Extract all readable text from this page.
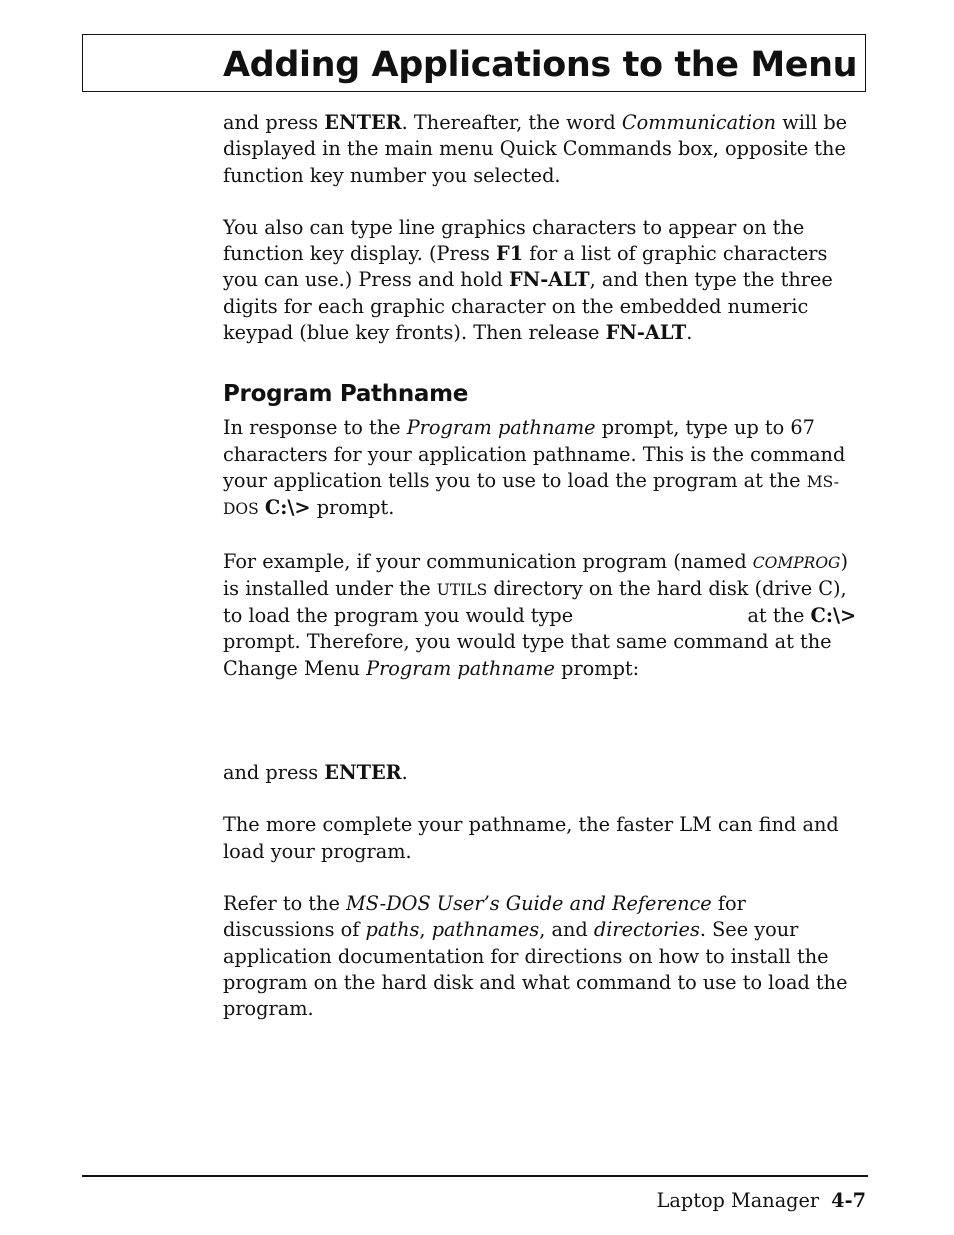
Adding Applications to the Menu

and press ENTER. Thereafter, the word Communication will be displayed in the main menu Quick Commands box, opposite the function key number you selected.

You also can type line graphics characters to appear on the function key display. (Press F1 for a list of graphic characters you can use.) Press and hold FN-ALT, and then type the three digits for each graphic character on the embedded numeric keypad (blue key fronts). Then release FN-ALT.

Program Pathname

In response to the Program pathname prompt, type up to 67 characters for your application pathname. This is the command your application tells you to use to load the program at the MS-DOS C:\> prompt.

For example, if your communication program (named COMPROG) is installed under the UTILS directory on the hard disk (drive C), to load the program you would type	at the C:\> prompt. Therefore, you would type that same command at the Change Menu Program pathname prompt:

and press ENTER.

The more complete your pathname, the faster LM can find and load your program.

Refer to the MS-DOS User’s Guide and Reference for discussions of paths, pathnames, and directories. See your application documentation for directions on how to install the program on the hard disk and what command to use to load the program.

Laptop Manager 4-7
